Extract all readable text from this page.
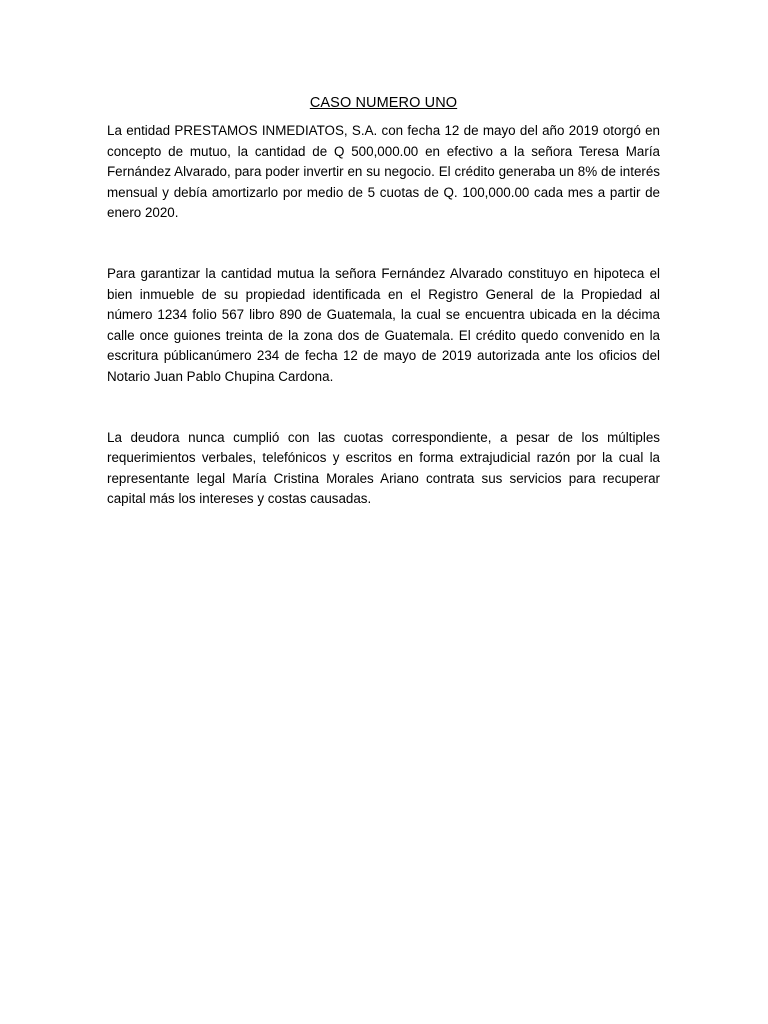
CASO NUMERO UNO

La entidad PRESTAMOS INMEDIATOS, S.A. con fecha 12 de mayo del año 2019 otorgó en concepto de mutuo, la cantidad de Q 500,000.00 en efectivo a la señora Teresa María Fernández Alvarado, para poder invertir en su negocio. El crédito generaba un 8% de interés mensual y debía amortizarlo por medio de 5 cuotas de Q. 100,000.00 cada mes a partir de enero 2020.

Para garantizar la cantidad mutua la señora Fernández Alvarado constituyo en hipoteca el bien inmueble de su propiedad identificada en el Registro General de la Propiedad al número 1234 folio 567 libro 890 de Guatemala, la cual se encuentra ubicada en la décima calle once guiones treinta de la zona dos de Guatemala. El crédito quedo convenido en la escritura públicanúmero 234 de fecha 12 de mayo de 2019 autorizada ante los oficios del Notario Juan Pablo Chupina Cardona.

La deudora nunca cumplió con las cuotas correspondiente, a pesar de los múltiples requerimientos verbales, telefónicos y escritos en forma extrajudicial razón por la cual la representante legal María Cristina Morales Ariano contrata sus servicios para recuperar capital más los intereses y costas causadas.
